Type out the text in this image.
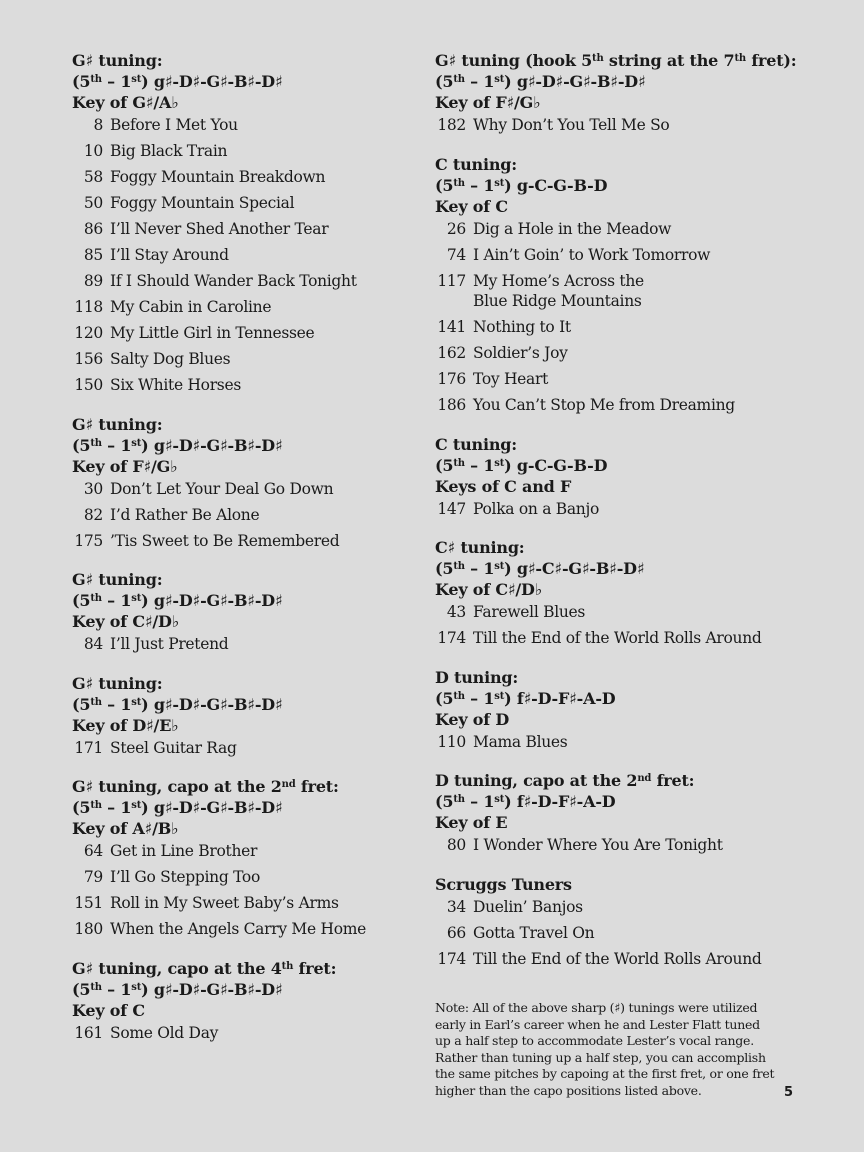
G♯ tuning:
(5th – 1st) g♯-D♯-G♯-B♯-D♯
Key of G♯/A♭
8 Before I Met You
10 Big Black Train
58 Foggy Mountain Breakdown
50 Foggy Mountain Special
86 I’ll Never Shed Another Tear
85 I’ll Stay Around
89 If I Should Wander Back Tonight
118 My Cabin in Caroline
120 My Little Girl in Tennessee
156 Salty Dog Blues
150 Six White Horses
G♯ tuning:
(5th – 1st) g♯-D♯-G♯-B♯-D♯
Key of F♯/G♭
30 Don’t Let Your Deal Go Down
82 I’d Rather Be Alone
175 ’Tis Sweet to Be Remembered
G♯ tuning:
(5th – 1st) g♯-D♯-G♯-B♯-D♯
Key of C♯/D♭
84 I’ll Just Pretend
G♯ tuning:
(5th – 1st) g♯-D♯-G♯-B♯-D♯
Key of D♯/E♭
171 Steel Guitar Rag
G♯ tuning, capo at the 2nd fret:
(5th – 1st) g♯-D♯-G♯-B♯-D♯
Key of A♯/B♭
64 Get in Line Brother
79 I’ll Go Stepping Too
151 Roll in My Sweet Baby’s Arms
180 When the Angels Carry Me Home
G♯ tuning, capo at the 4th fret:
(5th – 1st) g♯-D♯-G♯-B♯-D♯
Key of C
161 Some Old Day
G♯ tuning (hook 5th string at the 7th fret):
(5th – 1st) g♯-D♯-G♯-B♯-D♯
Key of F♯/G♭
182 Why Don’t You Tell Me So
C tuning:
(5th – 1st) g-C-G-B-D
Key of C
26 Dig a Hole in the Meadow
74 I Ain’t Goin’ to Work Tomorrow
117 My Home’s Across the
Blue Ridge Mountains
141 Nothing to It
162 Soldier’s Joy
176 Toy Heart
186 You Can’t Stop Me from Dreaming
C tuning:
(5th – 1st) g-C-G-B-D
Keys of C and F
147 Polka on a Banjo
C♯ tuning:
(5th – 1st) g♯-C♯-G♯-B♯-D♯
Key of C♯/D♭
43 Farewell Blues
174 Till the End of the World Rolls Around
D tuning:
(5th – 1st) f♯-D-F♯-A-D
Key of D
110 Mama Blues
D tuning, capo at the 2nd fret:
(5th – 1st) f♯-D-F♯-A-D
Key of E
80 I Wonder Where You Are Tonight
Scruggs Tuners
34 Duelin’ Banjos
66 Gotta Travel On
174 Till the End of the World Rolls Around
Note: All of the above sharp (♯) tunings were utilized
early in Earl’s career when he and Lester Flatt tuned
up a half step to accommodate Lester’s vocal range.
Rather than tuning up a half step, you can accomplish
the same pitches by capoing at the first fret, or one fret
higher than the capo positions listed above.	5
